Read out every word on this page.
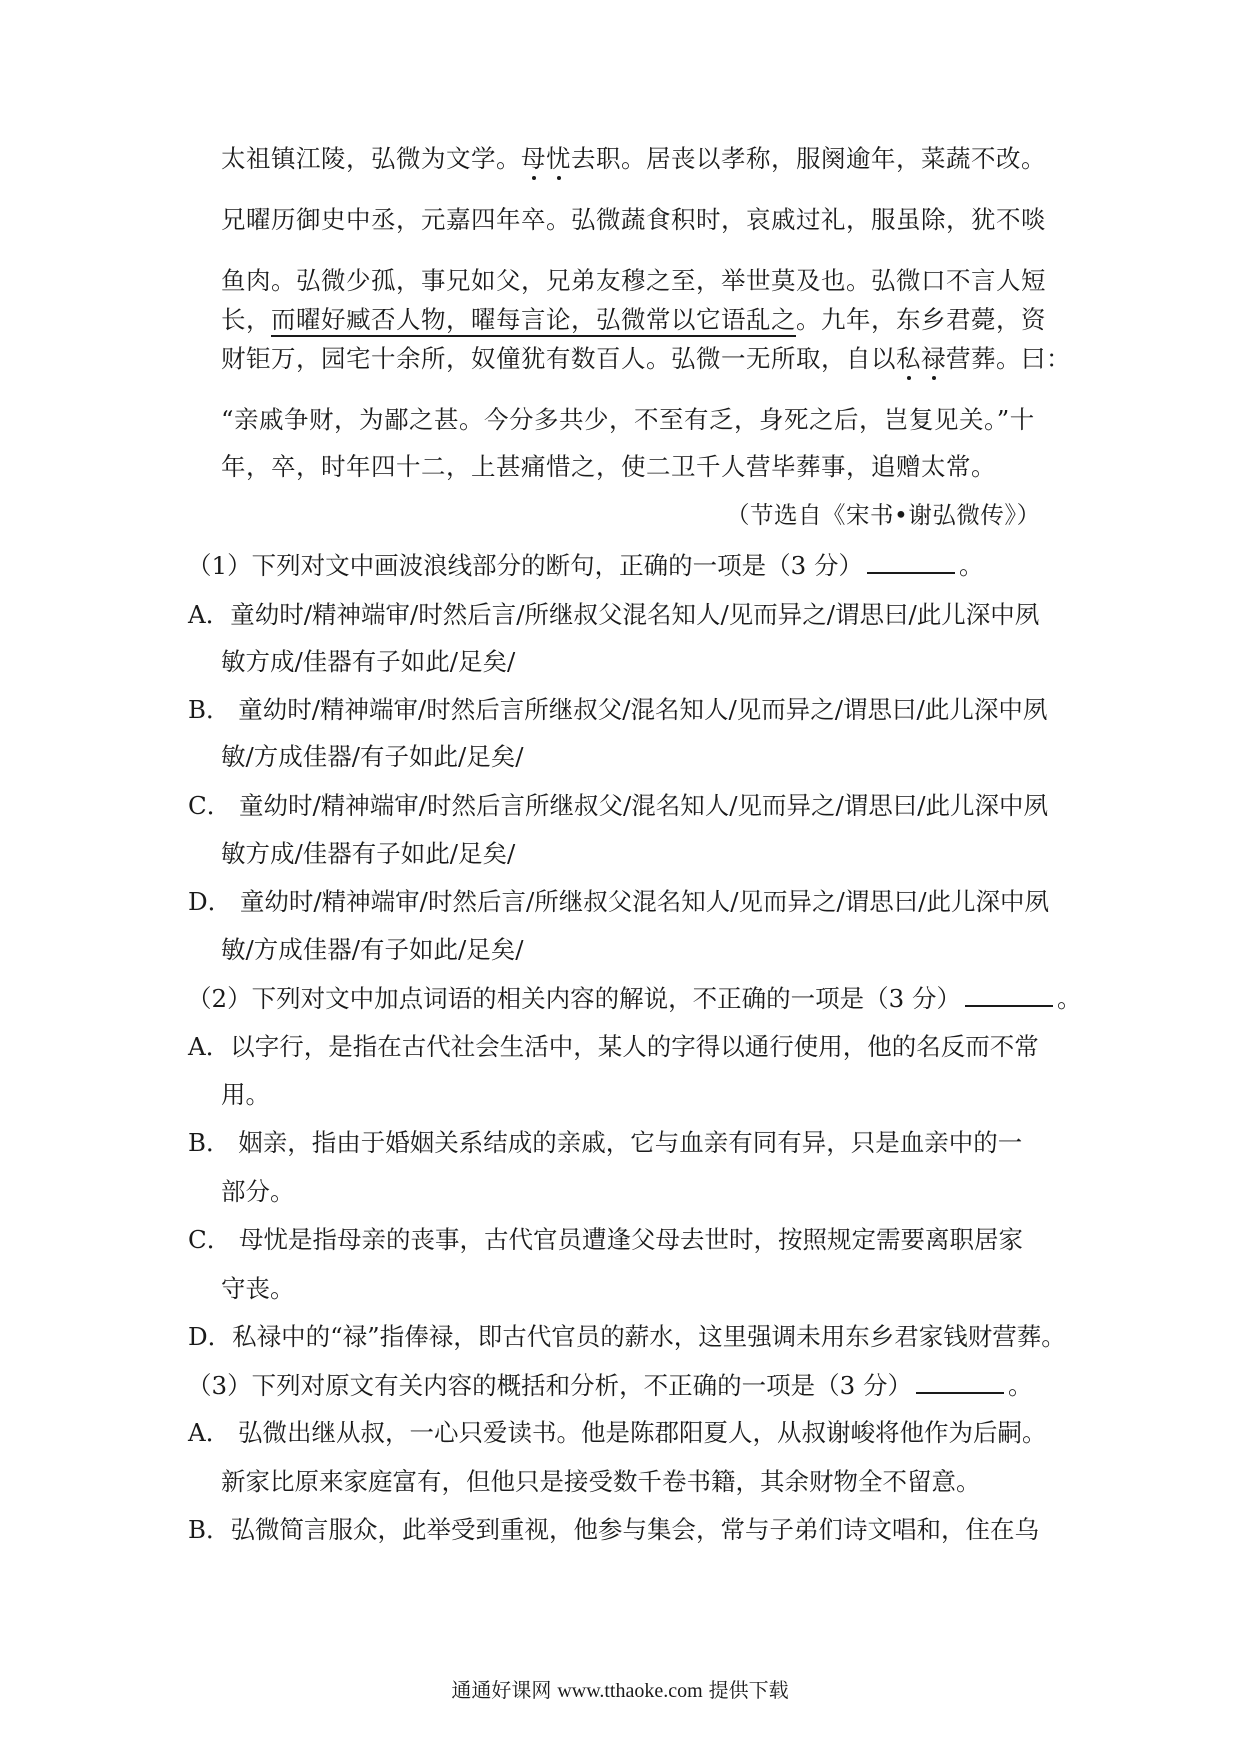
太祖镇江陵，弘微为文学。母忧去职。居丧以孝称，服阕逾年，菜蔬不改。
兄曜历御史中丞，元嘉四年卒。弘微蔬食积时，哀戚过礼，服虽除，犹不啖
鱼肉。弘微少孤，事兄如父，兄弟友穆之至，举世莫及也。弘微口不言人短
长，而曜好臧否人物，曜每言论，弘微常以它语乱之。九年，东乡君薨，资
财钜万，园宅十余所，奴僮犹有数百人。弘微一无所取，自以私禄营葬。曰：
“亲戚争财，为鄙之甚。今分多共少，不至有乏，身死之后，岂复见关。”十
年，卒，时年四十二，上甚痛惜之，使二卫千人营毕葬事，追赠太常。
（节选自《宋书•谢弘微传》）
（1）下列对文中画波浪线部分的断句，正确的一项是（3 分）	。
A．童幼时/精神端审/时然后言/所继叔父混名知人/见而异之/谓思曰/此儿深中夙
敏方成/佳器有子如此/足矣/
B． 童幼时/精神端审/时然后言所继叔父/混名知人/见而异之/谓思曰/此儿深中夙
敏/方成佳器/有子如此/足矣/
C． 童幼时/精神端审/时然后言所继叔父/混名知人/见而异之/谓思曰/此儿深中夙
敏方成/佳器有子如此/足矣/
D． 童幼时/精神端审/时然后言/所继叔父混名知人/见而异之/谓思曰/此儿深中夙
敏/方成佳器/有子如此/足矣/
（2）下列对文中加点词语的相关内容的解说，不正确的一项是（3 分）	。
A．以字行，是指在古代社会生活中，某人的字得以通行使用，他的名反而不常
用。
B． 姻亲，指由于婚姻关系结成的亲戚，它与血亲有同有异，只是血亲中的一
部分。
C． 母忧是指母亲的丧事，古代官员遭逢父母去世时，按照规定需要离职居家
守丧。
D．私禄中的“禄”指俸禄，即古代官员的薪水，这里强调未用东乡君家钱财营葬。
（3）下列对原文有关内容的概括和分析，不正确的一项是（3 分）	。
A． 弘微出继从叔，一心只爱读书。他是陈郡阳夏人，从叔谢峻将他作为后嗣。
新家比原来家庭富有，但他只是接受数千卷书籍，其余财物全不留意。
B．弘微简言服众，此举受到重视，他参与集会，常与子弟们诗文唱和，住在乌
通通好课网 www.tthaoke.com 提供下载
